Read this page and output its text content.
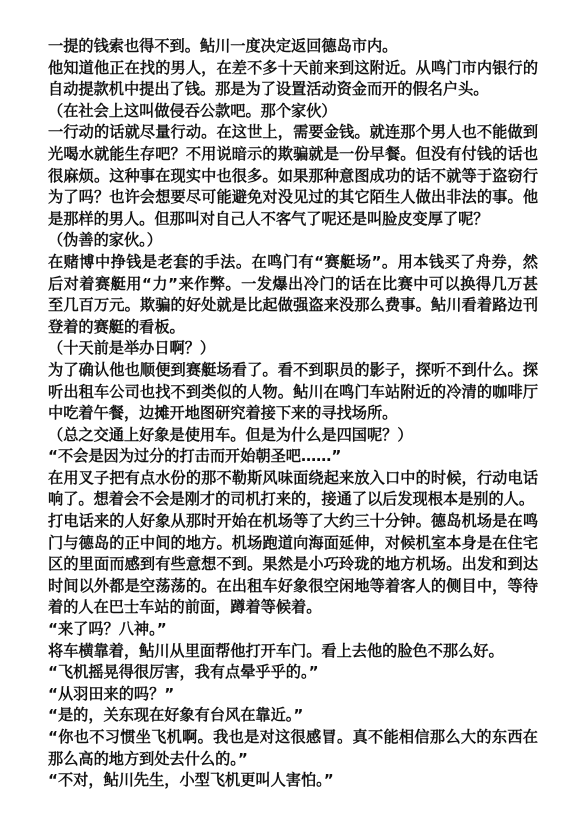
一提的钱索也得不到。鲇川一度决定返回德岛市内。

他知道他正在找的男人，在差不多十天前来到这附近。从鸣门市内银行的自动提款机中提出了钱。那是为了设置活动资金而开的假名户头。

（在社会上这叫做侵吞公款吧。那个家伙）

一行动的话就尽量行动。在这世上，需要金钱。就连那个男人也不能做到光喝水就能生存吧？不用说暗示的欺骗就是一份早餐。但没有付钱的话也很麻烦。这种事在现实中也很多。如果那种意图成功的话不就等于盗窃行为了吗？也许会想要尽可能避免对没见过的其它陌生人做出非法的事。他是那样的男人。但那叫对自己人不客气了呢还是叫脸皮变厚了呢？

（伪善的家伙。）

在赌博中挣钱是老套的手法。在鸣门有“赛艇场”。用本钱买了舟券，然后对着赛艇用“力”来作弊。一发爆出冷门的话在比赛中可以换得几万甚至几百万元。欺骗的好处就是比起做强盗来没那么费事。鲇川看着路边刊登着的赛艇的看板。

（十天前是举办日啊？）

为了确认他也顺便到赛艇场看了。看不到职员的影子，探听不到什么。探听出租车公司也找不到类似的人物。鲇川在鸣门车站附近的冷清的咖啡厅中吃着午餐，边摊开地图研究着接下来的寻找场所。

（总之交通上好象是使用车。但是为什么是四国呢？）

“不会是因为过分的打击而开始朝圣吧……”

在用叉子把有点水份的那不勒斯风味面绕起来放入口中的时候，行动电话响了。想着会不会是刚才的司机打来的，接通了以后发现根本是别的人。

打电话来的人好象从那时开始在机场等了大约三十分钟。德岛机场是在鸣门与德岛的正中间的地方。机场跑道向海面延伸，对候机室本身是在住宅区的里面而感到有些意想不到。果然是小巧玲珑的地方机场。出发和到达时间以外都是空荡荡的。在出租车好象很空闲地等着客人的侧目中，等待着的人在巴士车站的前面，蹲着等候着。

“来了吗？八神。”

将车横靠着，鲇川从里面帮他打开车门。看上去他的脸色不那么好。

“飞机摇晃得很厉害，我有点晕乎乎的。”

“从羽田来的吗？”

“是的，关东现在好象有台风在靠近。”

“你也不习惯坐飞机啊。我也是对这很感冒。真不能相信那么大的东西在那么高的地方到处去什么的。”

“不对，鲇川先生，小型飞机更叫人害怕。”
